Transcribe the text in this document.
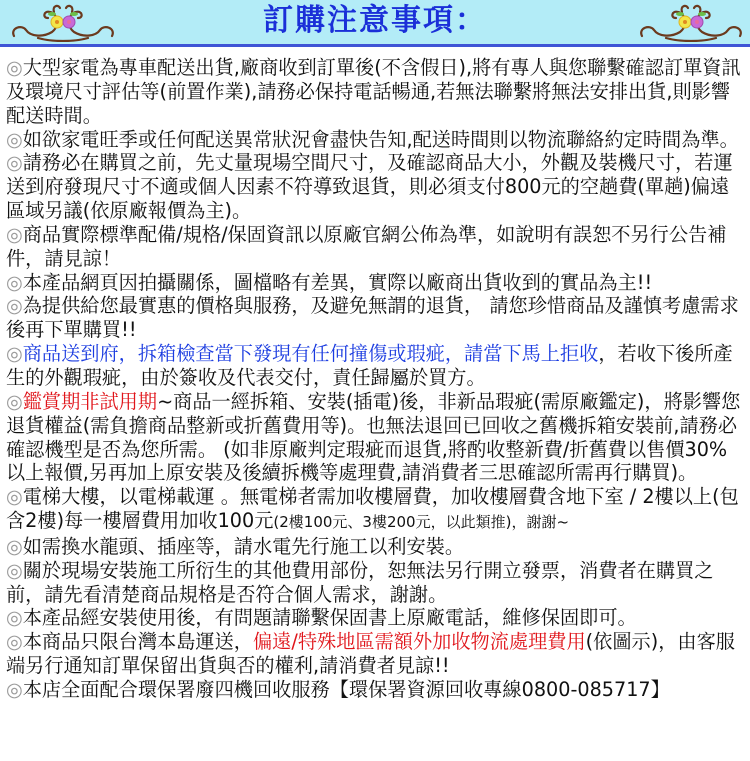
訂購注意事項：

◎大型家電為專車配送出貨,廠商收到訂單後(不含假日),將有專人與您聯繫確認訂單資訊及環境尺寸評估等(前置作業),請務必保持電話暢通,若無法聯繫將無法安排出貨,則影響配送時間。

◎如欲家電旺季或任何配送異常狀況會盡快告知,配送時間則以物流聯絡約定時間為準。

◎請務必在購買之前，先丈量現場空間尺寸，及確認商品大小，外觀及裝機尺寸，若運送到府發現尺寸不適或個人因素不符導致退貨，則必須支付800元的空趟費(單趟)偏遠區域另議(依原廠報價為主)。

◎商品實際標準配備/規格/保固資訊以原廠官網公佈為準，如說明有誤恕不另行公告補件，請見諒！

◎本產品網頁因拍攝關係，圖檔略有差異，實際以廠商出貨收到的實品為主!!

◎為提供給您最實惠的價格與服務，及避免無謂的退貨， 請您珍惜商品及謹慎考慮需求後再下單購買!!

◎商品送到府，拆箱檢查當下發現有任何撞傷或瑕疵，請當下馬上拒收，若收下後所產生的外觀瑕疵，由於簽收及代表交付，責任歸屬於買方。

◎鑑賞期非試用期~商品一經拆箱、安裝(插電)後，非新品瑕疵(需原廠鑑定)，將影響您退貨權益(需負擔商品整新或折舊費用等)。也無法退回已回收之舊機拆箱安裝前,請務必確認機型是否為您所需。 (如非原廠判定瑕疵而退貨,將酌收整新費/折舊費以售價30%以上報價,另再加上原安裝及後續拆機等處理費,請消費者三思確認所需再行購買)。

◎電梯大樓，以電梯載運 。無電梯者需加收樓層費，加收樓層費含地下室 / 2樓以上(包含2樓)每一樓層費用加收100元(2樓100元、3樓200元，以此類推)，謝謝~

◎如需換水龍頭、插座等，請水電先行施工以利安裝。

◎關於現場安裝施工所衍生的其他費用部份，恕無法另行開立發票，消費者在購買之前，請先看清楚商品規格是否符合個人需求，謝謝。

◎本產品經安裝使用後，有問題請聯繫保固書上原廠電話，維修保固即可。

◎本商品只限台灣本島運送，偏遠/特殊地區需額外加收物流處理費用(依圖示)，由客服端另行通知訂單保留出貨與否的權利,請消費者見諒!!

◎本店全面配合環保署廢四機回收服務【環保署資源回收專線0800-085717】
